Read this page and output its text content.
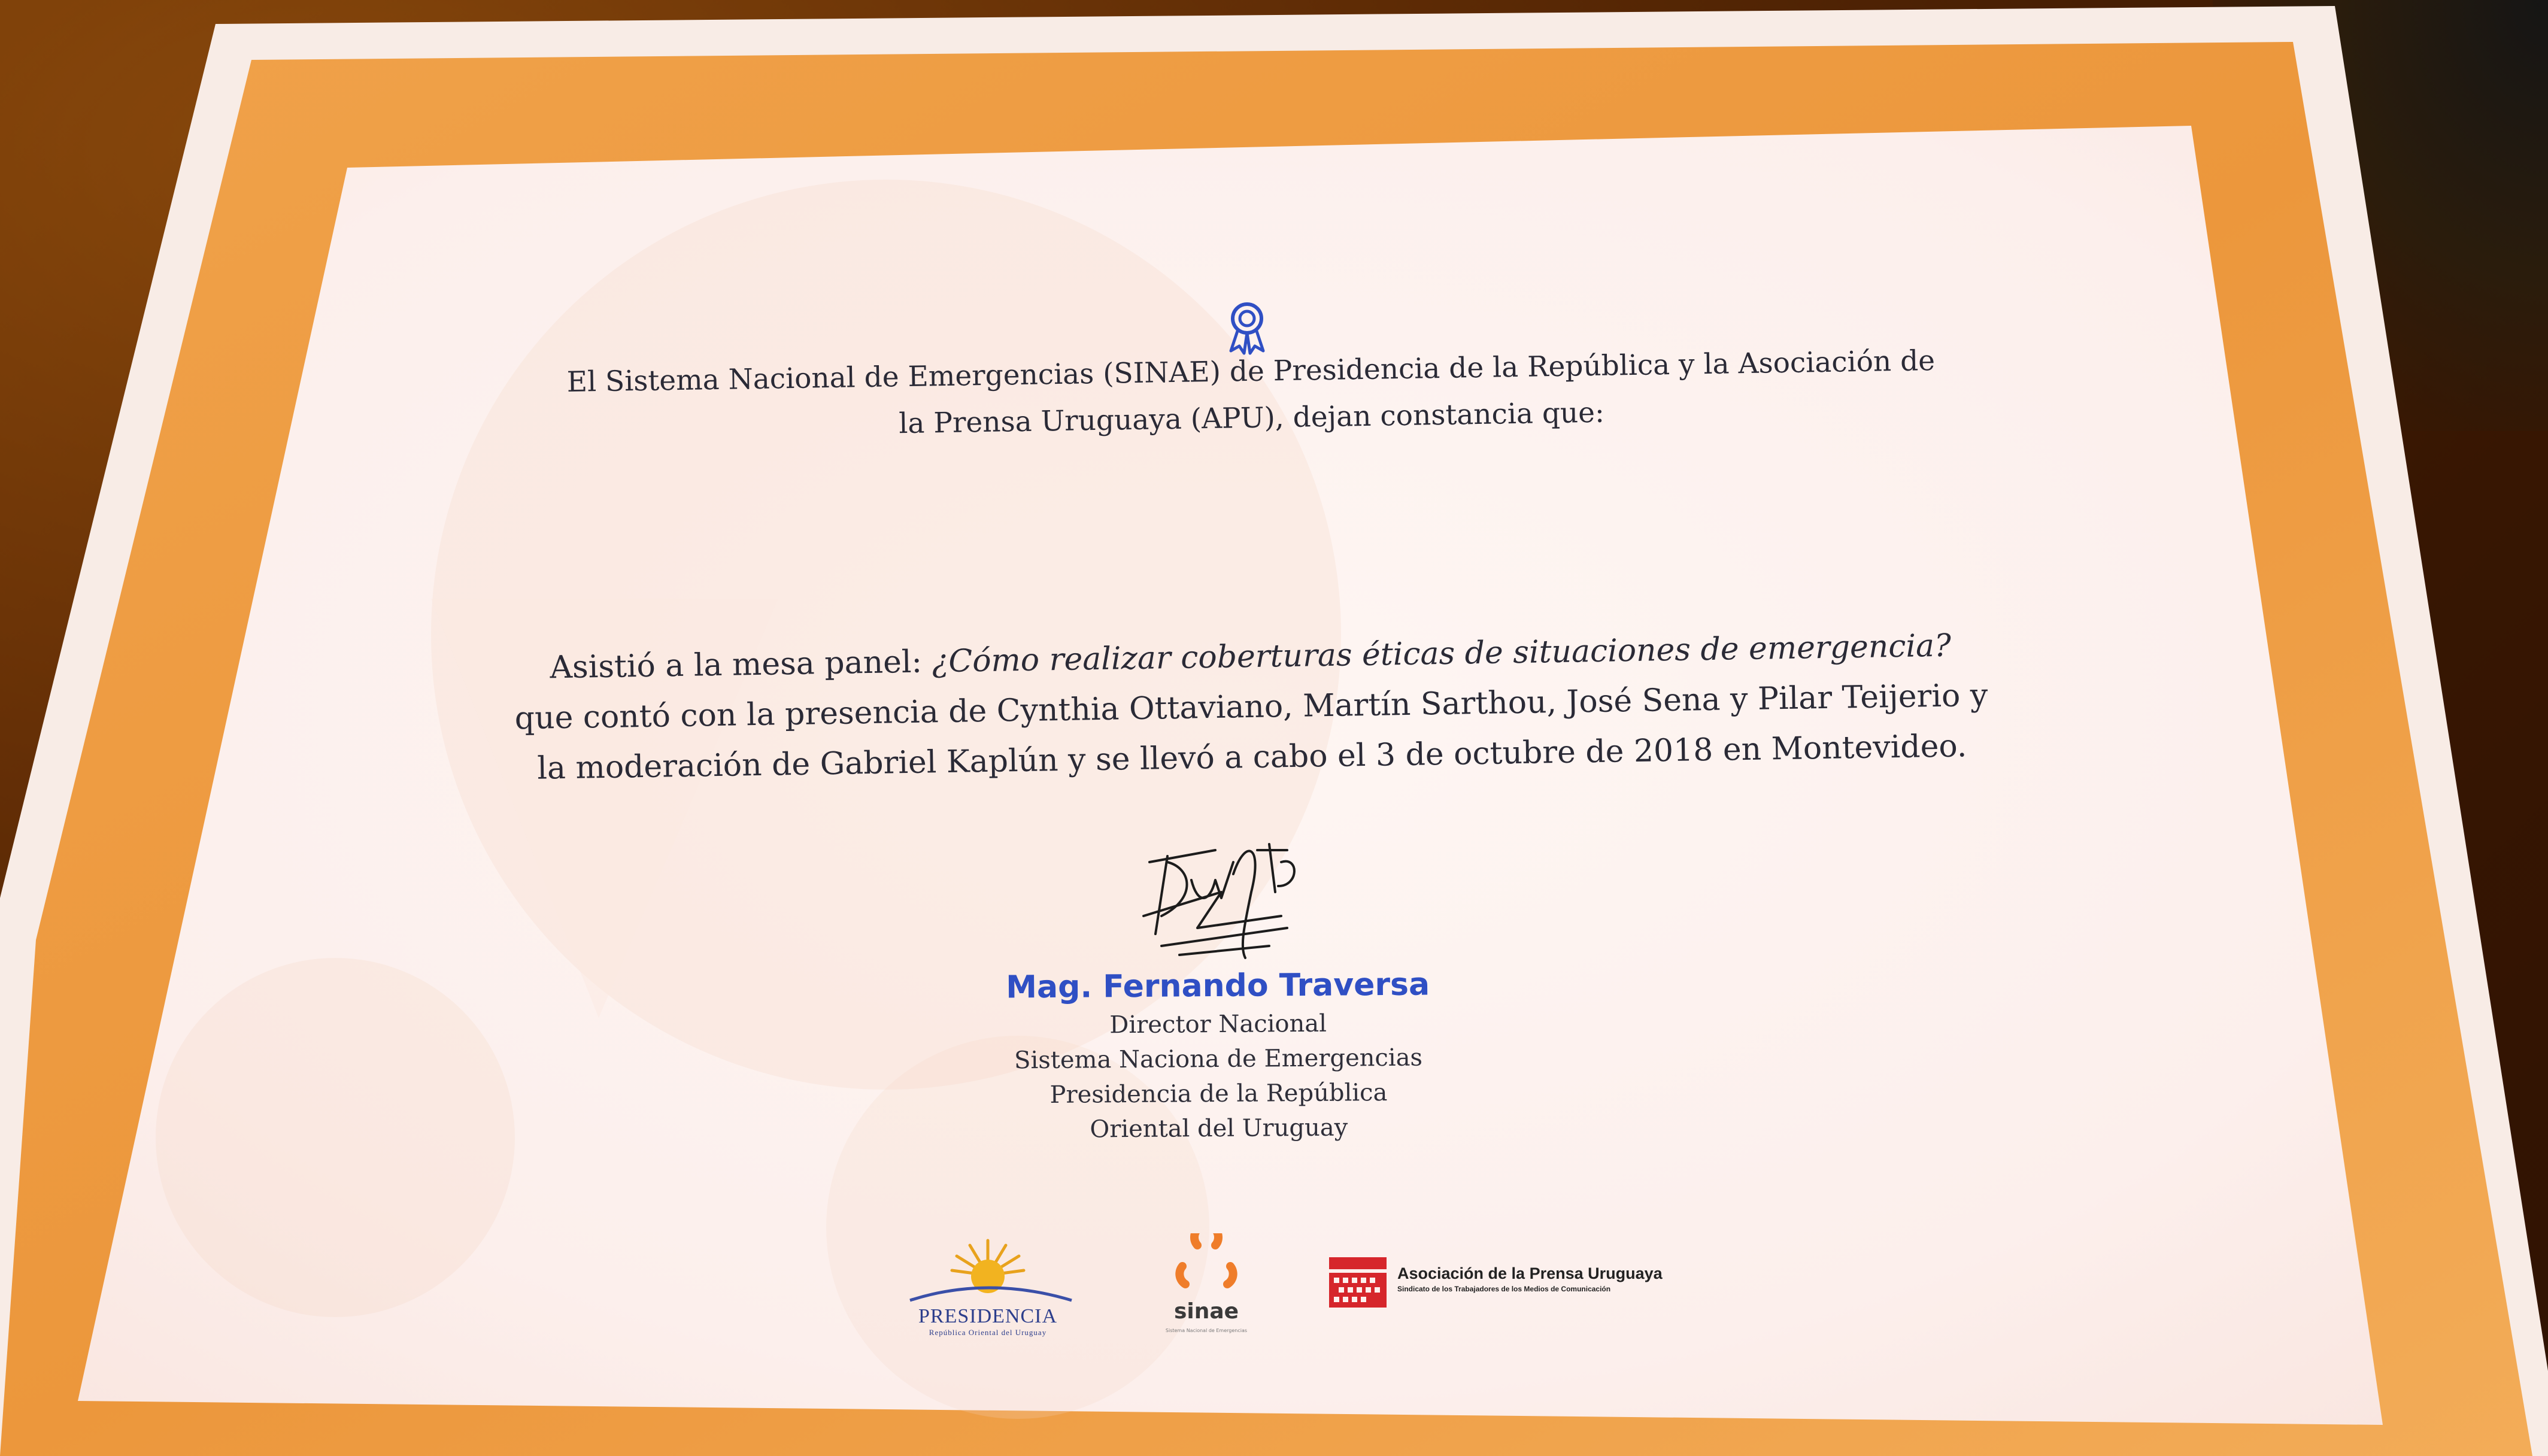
El Sistema Nacional de Emergencias (SINAE) de Presidencia de la República y la Asociación de
la Prensa Uruguaya (APU), dejan constancia que:
Asistió a la mesa panel: ¿Cómo realizar coberturas éticas de situaciones de emergencia?
que contó con la presencia de Cynthia Ottaviano, Martín Sarthou, José Sena y Pilar Teijerio y
la moderación de Gabriel Kaplún y se llevó a cabo el 3 de octubre de 2018 en Montevideo.
Mag. Fernando Traversa
Director Nacional
Sistema Naciona de Emergencias
Presidencia de la República
Oriental del Uruguay
PRESIDENCIA
República Oriental del Uruguay
sinae
Sistema Nacional de Emergencias
Asociación de la Prensa Uruguaya
Sindicato de los Trabajadores de los Medios de Comunicación
